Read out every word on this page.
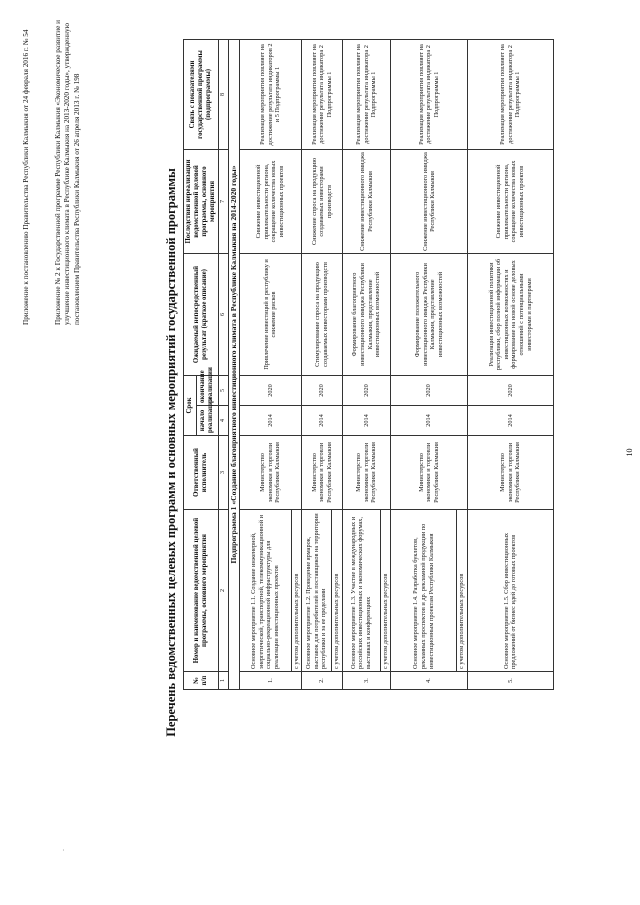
˙
Приложение к постановлению Правительства Республики Калмыкия от 24 февраля 2016 г. № 54	Приложение № 2 к Государственной программе Республики Калмыкия «Экономическое развитие и улучшение инвестиционного климата в Республике Калмыкия на 2013-2020 годы», утвержденную постановлением Правительства Республики Калмыкия от 26 апреля 2013 г. № 198	Перечень ведомственных целевых программ и основных мероприятий государственной программы № п/п	Номер и наименование ведомственной целевой программы, основного мероприятия	Ответственный исполнитель	Срок		Ожидаемый непосредственный результат (краткое описание)	Последствия нереализации ведомственной целевой программы, основного мероприятия	Связь с показателями государственной программы (подпрограммы)
			начало реализации	окончание реализации			
1	2	3	4	5	6	7	8
Подпрограмма 1 «Создание благоприятного инвестиционного климата в Республике Калмыкия на 2014-2020 годы»							
1.	Основное мероприятие 1.1. Создание инженерной, энергетической, транспортной, телекоммуникационной и социально-рекреационной инфраструктуры для реализации инвестиционных проектов	Министерство экономики и торговли Республики Калмыкия	2014	2020	Привлечение инвестиций в республику и снижение рисков	Снижение инвестиционной привлекательности региона, сокращение количества новых инвестиционных проектов	Реализация мероприятия повлияет на достижение результата индикаторов 2 и 5 Подпрограммы 1
	с учетом дополнительных ресурсов						
2.	Основное мероприятие 1.2. Проведение ярмарок, выставок для потребителей и поставщиков на территории республики и за ее пределами	Министерство экономики и торговли Республики Калмыкия	2014	2020	Стимулирование спроса на продукцию создаваемых инвесторами производств	Снижение спроса на продукцию создаваемых инвесторами производств	Реализация мероприятия повлияет на достижение результата индикатора 2 Подпрограммы 1
	с учетом дополнительных ресурсов						
3.	Основное мероприятие 1.3. Участие в международных и российских инвестиционных и экономических форумах, выставках и конференциях	Министерство экономики и торговли Республики Калмыкия	2014	2020	Формирование благоприятного инвестиционного имиджа Республики Калмыкия, представление инвестиционных возможностей	Снижение инвестиционного имиджа Республики Калмыкия	Реализация мероприятия повлияет на достижение результата индикатора 2 Подпрограммы 1
	с учетом дополнительных ресурсов						
4.	Основное мероприятие 1.4. Разработка буклетов, рекламных проспектов и др. рекламной продукции по инвестиционным проектам Республики Калмыкия	Министерство экономики и торговли Республики Калмыкия	2014	2020	Формирование положительного инвестиционного имиджа Республики Калмыкия, представление инвестиционных возможностей	Снижение инвестиционного имиджа Республики Калмыкия	Реализация мероприятия повлияет на достижение результата индикатора 2 Подпрограммы 1
	с учетом дополнительных ресурсов						
5.	Основное мероприятие 1.5. Сбор инвестиционных предложений от бизнес идей до готовых проектов	Министерство экономики и торговли Республики Калмыкия	2014	2020	Реализация инвестиционной политики республики, сбор полной информации об инвестиционных возможностях и формирование на новой основе деловых отношений с потенциальными инвесторами и партнерами	Снижение инвестиционной привлекательности региона, сокращение количества новых инвестиционных проектов	Реализация мероприятия повлияет на достижение результата индикатора 2 Подпрограммы 1
10
